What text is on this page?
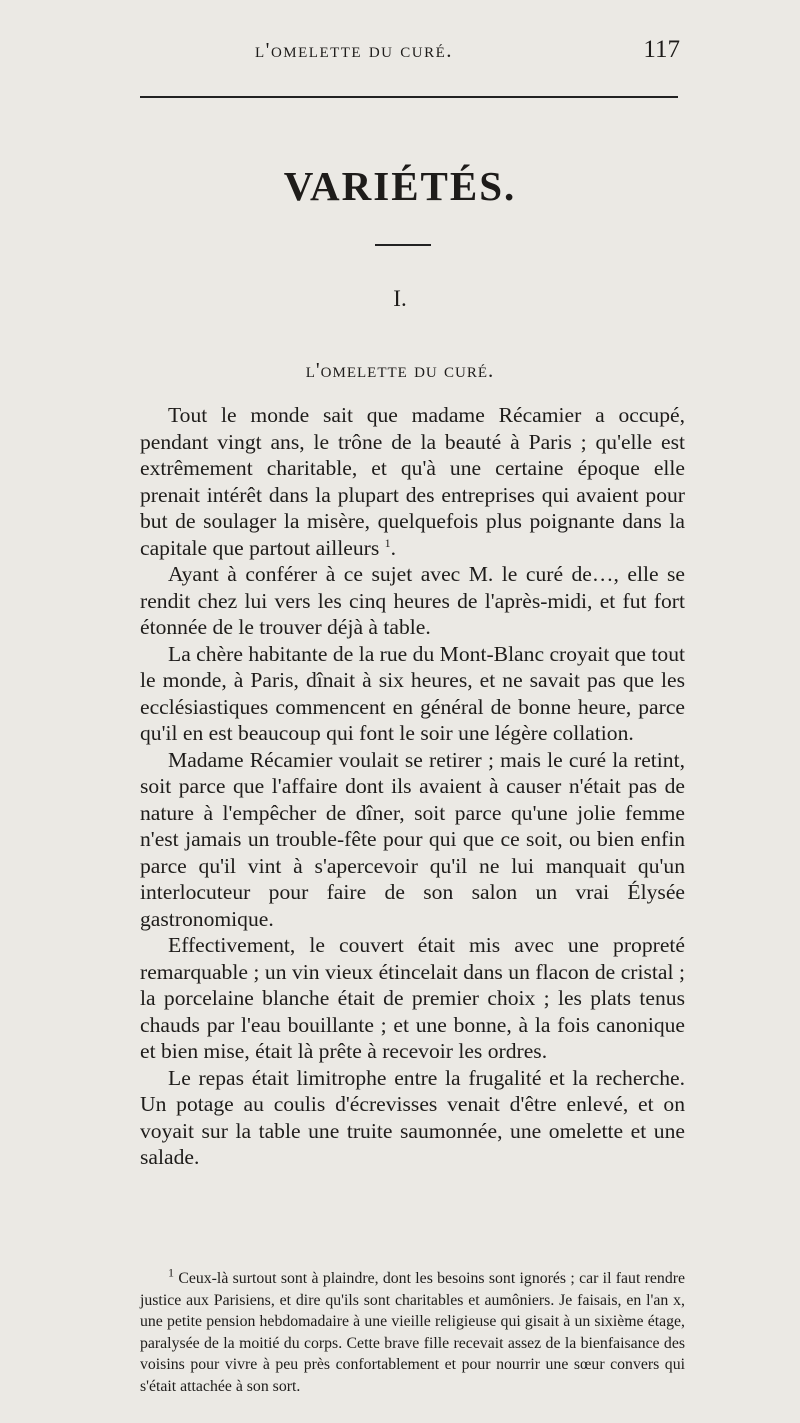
l'omelette du curé.	117
VARIÉTÉS.
I.
l'omelette du curé.

Tout le monde sait que madame Récamier a occupé, pendant vingt ans, le trône de la beauté à Paris ; qu'elle est extrêmement charitable, et qu'à une certaine époque elle prenait intérêt dans la plupart des entreprises qui avaient pour but de soulager la misère, quelquefois plus poignante dans la capitale que partout ailleurs $^1$.

Ayant à conférer à ce sujet avec M. le curé de…, elle se rendit chez lui vers les cinq heures de l'après-midi, et fut fort étonnée de le trouver déjà à table.

La chère habitante de la rue du Mont-Blanc croyait que tout le monde, à Paris, dînait à six heures, et ne savait pas que les ecclésiastiques commencent en général de bonne heure, parce qu'il en est beaucoup qui font le soir une légère collation.

Madame Récamier voulait se retirer ; mais le curé la retint, soit parce que l'affaire dont ils avaient à causer n'était pas de nature à l'empêcher de dîner, soit parce qu'une jolie femme n'est jamais un trouble-fête pour qui que ce soit, ou bien enfin parce qu'il vint à s'apercevoir qu'il ne lui manquait qu'un interlocuteur pour faire de son salon un vrai Élysée gastronomique.

Effectivement, le couvert était mis avec une propreté remarquable ; un vin vieux étincelait dans un flacon de cristal ; la porcelaine blanche était de premier choix ; les plats tenus chauds par l'eau bouillante ; et une bonne, à la fois canonique et bien mise, était là prête à recevoir les ordres.

Le repas était limitrophe entre la frugalité et la recherche. Un potage au coulis d'écrevisses venait d'être enlevé, et on voyait sur la table une truite saumonnée, une omelette et une salade.

$^1$ Ceux-là surtout sont à plaindre, dont les besoins sont ignorés ; car il faut rendre justice aux Parisiens, et dire qu'ils sont charitables et aumôniers. Je faisais, en l'an x, une petite pension hebdomadaire à une vieille religieuse qui gisait à un sixième étage, paralysée de la moitié du corps. Cette brave fille recevait assez de la bienfaisance des voisins pour vivre à peu près confortablement et pour nourrir une sœur convers qui s'était attachée à son sort.
